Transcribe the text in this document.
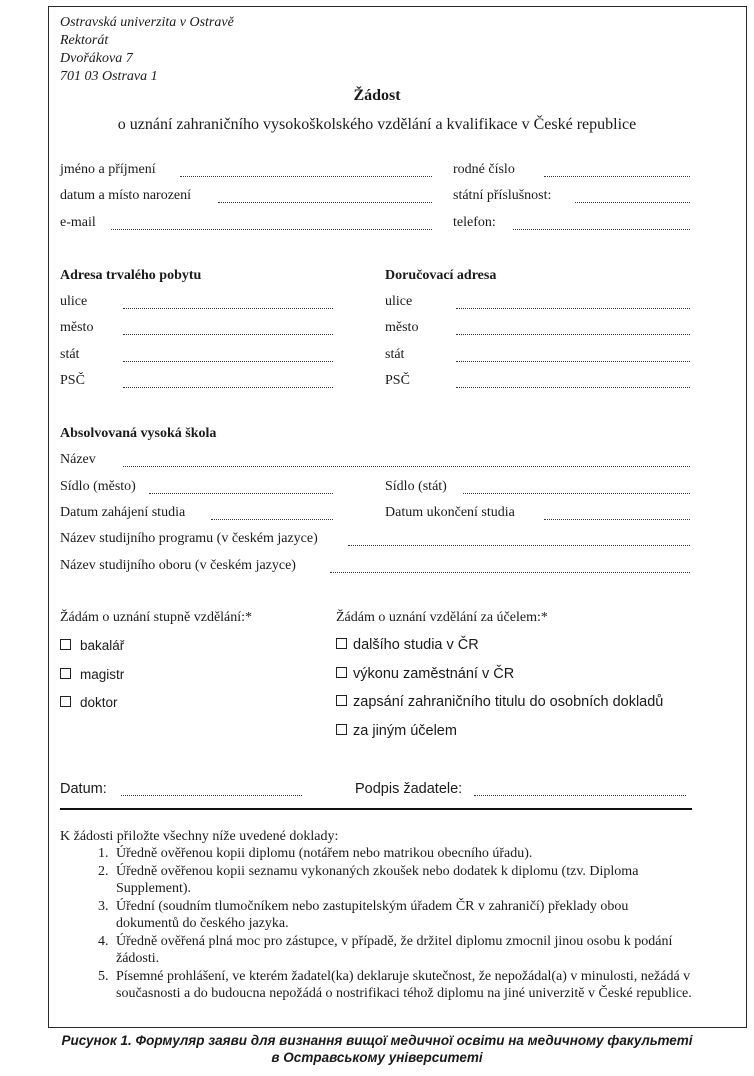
Ostravská univerzita v Ostravě
Rektorát
Dvořákova 7
701 03 Ostrava 1
Žádost
o uznání zahraničního vysokoškolského vzdělání a kvalifikace v České republice
jméno a příjmení	rodné číslo
datum a místo narození	státní příslušnost:
e-mail	telefon:
Adresa trvalého pobytu
ulice
město
stát
PSČ
Doručovací adresa
ulice
město
stát
PSČ
Absolvovaná vysoká škola
Název
Sídlo (město)	Sídlo (stát)
Datum zahájení studia	Datum ukončení studia
Název studijního programu (v českém jazyce)
Název studijního oboru (v českém jazyce)
Žádám o uznání stupně vzdělání:*
bakalář
magistr
doktor
Žádám o uznání vzdělání za účelem:*
dalšího studia v ČR
výkonu zaměstnání v ČR
zapsání zahraničního titulu do osobních dokladů
za jiným účelem
Datum:	Podpis žadatele:
K žádosti přiložte všechny níže uvedené doklady:
1. Úředně ověřenou kopii diplomu (notářem nebo matrikou obecního úřadu).
2. Úředně ověřenou kopii seznamu vykonaných zkoušek nebo dodatek k diplomu (tzv. Diploma Supplement).
3. Úřední (soudním tlumočníkem nebo zastupitelským úřadem ČR v zahraničí) překlady obou dokumentů do českého jazyka.
4. Úředně ověřená plná moc pro zástupce, v případě, že držitel diplomu zmocnil jinou osobu k podání žádosti.
5. Písemné prohlášení, ve kterém žadatel(ka) deklaruje skutečnost, že nepožádal(a) v minulosti, nežádá v současnosti a do budoucna nepožádá o nostrifikaci téhož diplomu na jiné univerzitě v České republice.
Рисунок 1. Формуляр заяви для визнання вищої медичної освіти на медичному факультеті
в Остравському університеті
